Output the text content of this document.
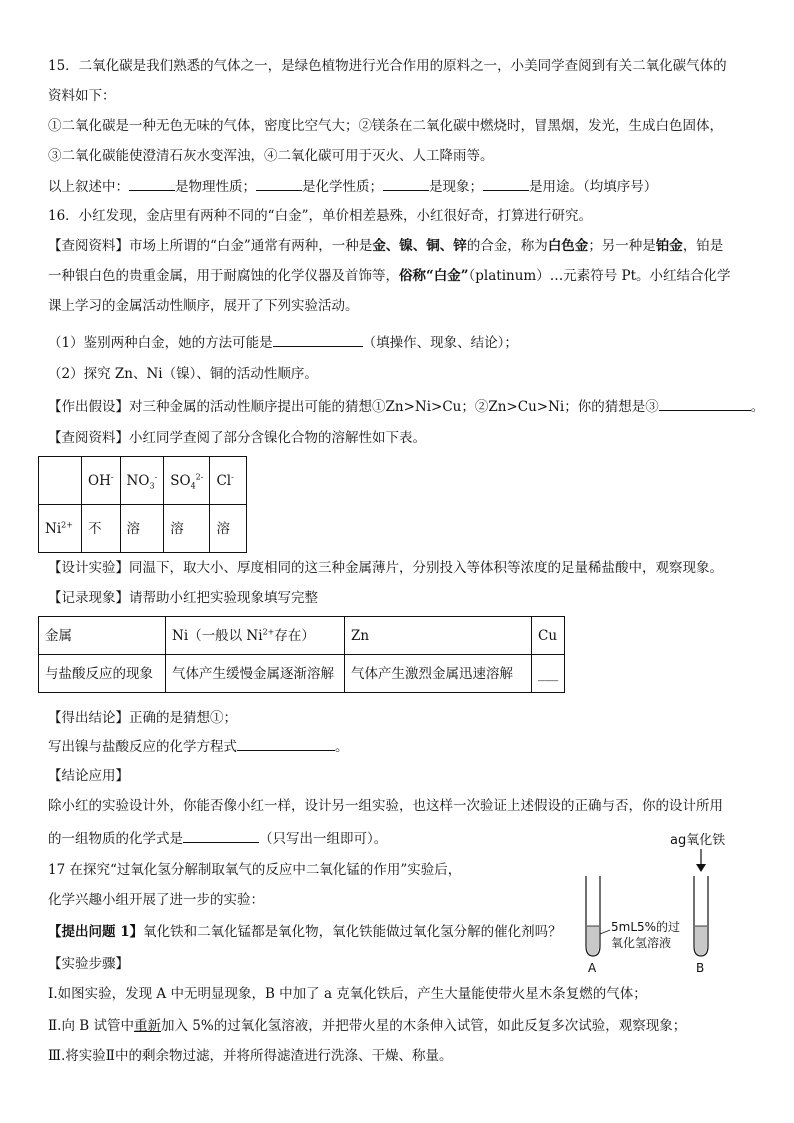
15．二氧化碳是我们熟悉的气体之一，是绿色植物进行光合作用的原料之一，小美同学查阅到有关二氧化碳气体的
资料如下：
①二氧化碳是一种无色无味的气体，密度比空气大；②镁条在二氧化碳中燃烧时，冒黑烟，发光，生成白色固体，
③二氧化碳能使澄清石灰水变浑浊，④二氧化碳可用于灭火、人工降雨等。
以上叙述中：	是物理性质；	是化学性质；	是现象；	是用途。（均填序号）
16．小红发现，金店里有两种不同的“白金”，单价相差悬殊，小红很好奇，打算进行研究。
【查阅资料】市场上所谓的“白金”通常有两种，一种是金、镍、铜、锌的合金，称为白色金；另一种是铂金，铂是
一种银白色的贵重金属，用于耐腐蚀的化学仪器及首饰等，俗称“白金”（platinum）…元素符号 Pt。小红结合化学
课上学习的金属活动性顺序，展开了下列实验活动。
（1）鉴别两种白金，她的方法可能是	（填操作、现象、结论）；
（2）探究 Zn、Ni（镍）、铜的活动性顺序。
【作出假设】对三种金属的活动性顺序提出可能的猜想①Zn>Ni>Cu；②Zn>Cu>Ni；你的猜想是③	。
【查阅资料】小红同学查阅了部分含镍化合物的溶解性如下表。
	OH-	$NO_3^-$	$SO_4^{2-}$	Cl-
$Ni^{2+}$	不	溶	溶	溶
【设计实验】同温下，取大小、厚度相同的这三种金属薄片，分别投入等体积等浓度的足量稀盐酸中，观察现象。
【记录现象】请帮助小红把实验现象填写完整
金属	Ni（一般以 $Ni^{2+}$存在）	Zn	Cu
与盐酸反应的现象	气体产生缓慢金属逐渐溶解	气体产生激烈金属迅速溶解	___
【得出结论】正确的是猜想①；
写出镍与盐酸反应的化学方程式	。
【结论应用】
除小红的实验设计外，你能否像小红一样，设计另一组实验，也这样一次验证上述假设的正确与否，你的设计所用
的一组物质的化学式是	（只写出一组即可）。
17 在探究“过氧化氢分解制取氧气的反应中二氧化锰的作用”实验后，
化学兴趣小组开展了进一步的实验：
【提出问题 1】氧化铁和二氧化锰都是氧化物，氧化铁能做过氧化氢分解的催化剂吗？
【实验步骤】
Ⅰ.如图实验，发现 A 中无明显现象，B 中加了 a 克氧化铁后，产生大量能使带火星木条复燃的气体；
Ⅱ.向 B 试管中重新加入 5%的过氧化氢溶液，并把带火星的木条伸入试管，如此反复多次试验，观察现象；
Ⅲ.将实验Ⅱ中的剩余物过滤，并将所得滤渣进行洗涤、干燥、称量。
ag氧化铁
5mL5%的过
氧化氢溶液
A	B
